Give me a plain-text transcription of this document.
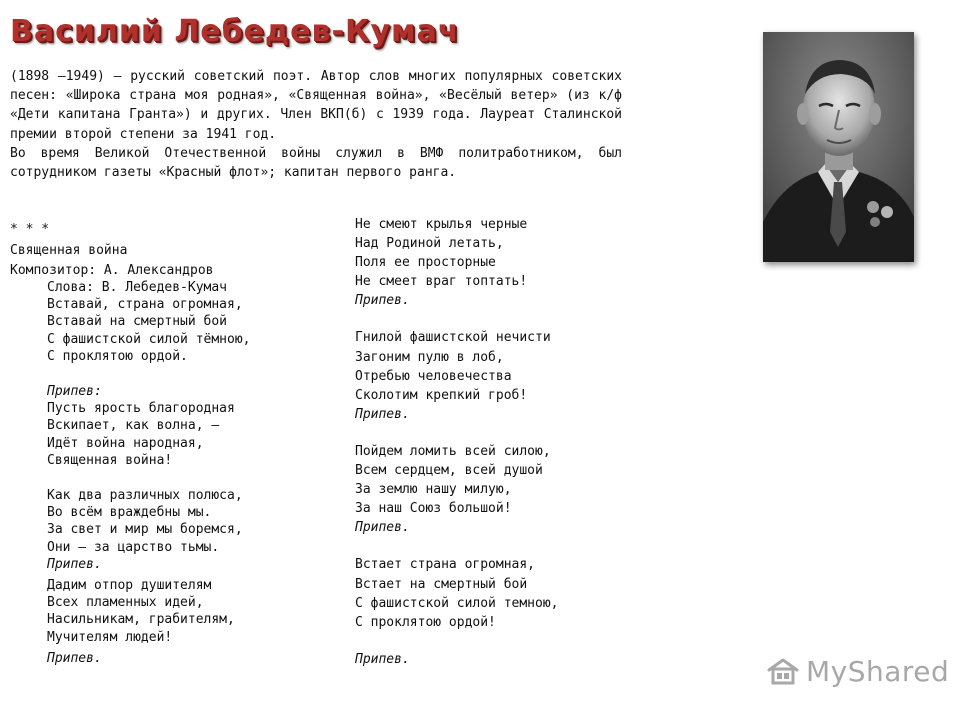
Василий Лебедев-Кумач

(1898 —1949) — русский советский поэт. Автор слов многих популярных советских песен: «Широка страна моя родная», «Священная война», «Весёлый ветер» (из к/ф «Дети капитана Гранта») и других. Член ВКП(б) с 1939 года. Лауреат Сталинской премии второй степени за 1941 год.

Во время Великой Отечественной войны служил в ВМФ политработником, был сотрудником газеты «Красный флот»; капитан первого ранга.

* * *
Священная война
Композитор: А. Александров
Слова: В. Лебедев-Кумач
Вставай, страна огромная,
Вставай на смертный бой
С фашистской силой тёмною,
С проклятою ордой.
Припев:
Пусть ярость благородная
Вскипает, как волна, —
Идёт война народная,
Священная война!
Как два различных полюса,
Во всём враждебны мы.
За свет и мир мы боремся,
Они — за царство тьмы.
Припев.
Дадим отпор душителям
Всех пламенных идей,
Насильникам, грабителям,
Мучителям людей!
Припев.
Не смеют крылья черные
Над Родиной летать,
Поля ее просторные
Не смеет враг топтать!
Припев.
Гнилой фашистской нечисти
Загоним пулю в лоб,
Отребью человечества
Сколотим крепкий гроб!
Припев.
Пойдем ломить всей силою,
Всем сердцем, всей душой
За землю нашу милую,
За наш Союз большой!
Припев.
Встает страна огромная,
Встает на смертный бой
С фашистской силой темною,
С проклятою ордой!
Припев.	MyShared
